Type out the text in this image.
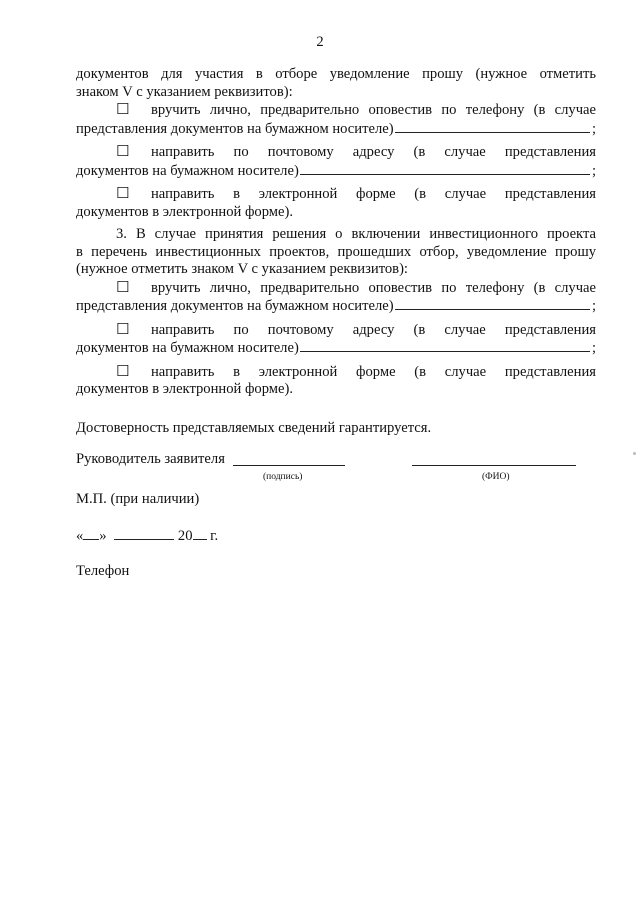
2
документов для участия в отборе уведомление прошу (нужное отметить
знаком V с указанием реквизитов):
☐ вручить лично, предварительно оповестив по телефону (в случае
представления документов на бумажном носителе)	;
☐ направить по почтовому адресу (в случае представления
документов на бумажном носителе)	;
☐ направить в электронной форме (в случае представления
документов в электронной форме).
3. В случае принятия решения о включении инвестиционного проекта
в перечень инвестиционных проектов, прошедших отбор, уведомление прошу
(нужное отметить знаком V с указанием реквизитов):
☐ вручить лично, предварительно оповестив по телефону (в случае
представления документов на бумажном носителе)	;
☐ направить по почтовому адресу (в случае представления
документов на бумажном носителе)	;
☐ направить в электронной форме (в случае представления
документов в электронной форме).
Достоверность представляемых сведений гарантируется.
Руководитель заявителя
(подпись)	(ФИО)
М.П. (при наличии)
« »	20 г.
Телефон
